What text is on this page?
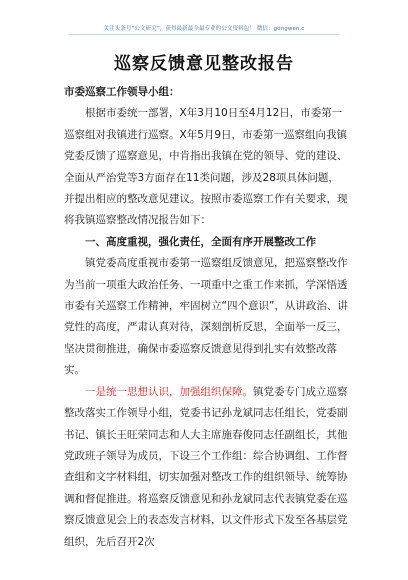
关注头条号“公文研究”，获得最新最全最专业的公文资料包！ 微信：gongwen.c
巡察反馈意见整改报告

市委巡察工作领导小组：

根据市委统一部署，X年3月10日至4月12日，市委第一巡察组对我镇进行巡察。X年5月9日，市委第一巡察组向我镇党委反馈了巡察意见，中肯指出我镇在党的领导、党的建设、全面从严治党等3方面存在11类问题，涉及28项具体问题，并提出相应的整改意见建议。按照市委巡察工作有关要求，现将我镇巡察整改情况报告如下：

一、高度重视，强化责任，全面有序开展整改工作

镇党委高度重视市委第一巡察组反馈意见，把巡察整改作为当前一项重大政治任务、一项重中之重工作来抓，学深悟透市委有关巡察工作精神，牢固树立“四个意识”，从讲政治、讲党性的高度，严肃认真对待，深刻剖析反思，全面举一反三，坚决贯彻推进，确保市委巡察反馈意见得到扎实有效整改落实。

一是统一思想认识，加强组织保障。镇党委专门成立巡察整改落实工作领导小组，党委书记孙龙斌同志任组长，党委副书记、镇长王旺荣同志和人大主席施春俊同志任副组长，其他党政班子领导为成员，下设三个工作组：综合协调组、工作督查组和文字材料组，切实加强对整改工作的组织领导、统筹协调和督促推进。将巡察反馈意见和孙龙斌同志代表镇党委在巡察反馈意见会上的表态发言材料，以文件形式下发至各基层党组织，先后召开2次
